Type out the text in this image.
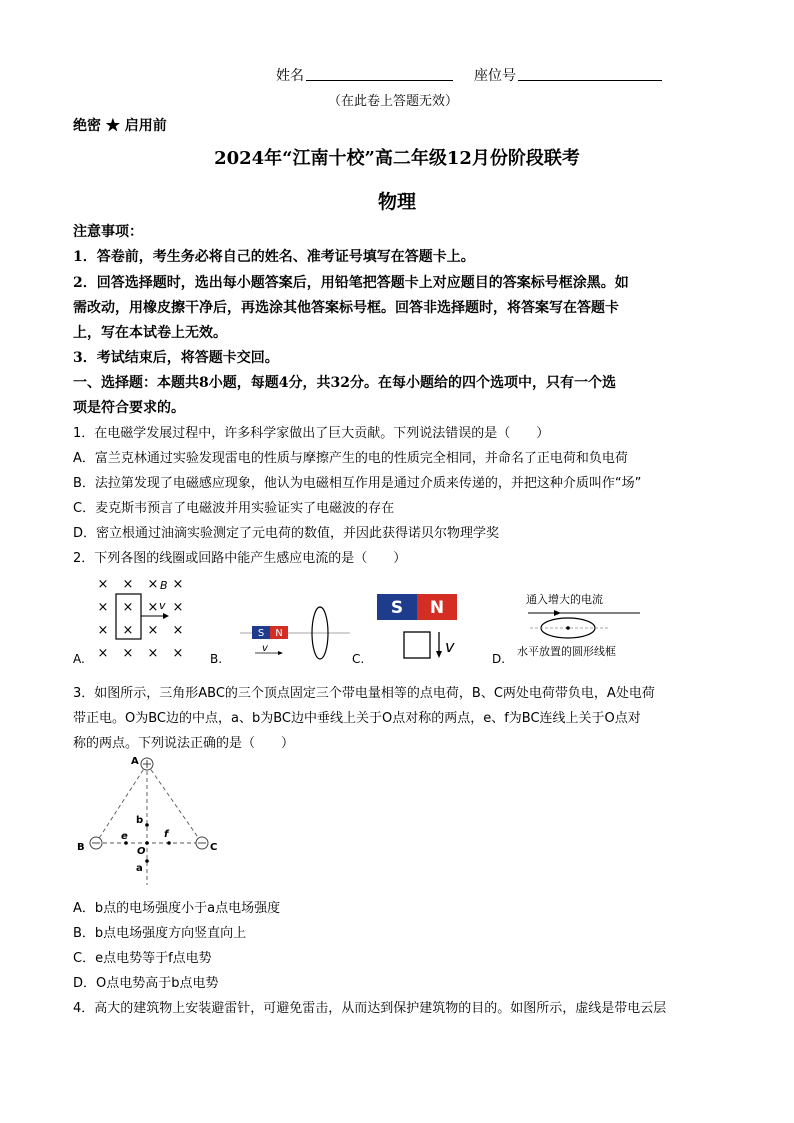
姓名	座位号
（在此卷上答题无效）
绝密 ★ 启用前
2024年“江南十校”高二年级12月份阶段联考
物理
注意事项：
1．答卷前，考生务必将自己的姓名、准考证号填写在答题卡上。
2．回答选择题时，选出每小题答案后，用铅笔把答题卡上对应题目的答案标号框涂黑。如
需改动，用橡皮擦干净后，再选涂其他答案标号框。回答非选择题时，将答案写在答题卡
上，写在本试卷上无效。
3．考试结束后，将答题卡交回。
一、选择题：本题共8小题，每题4分，共32分。在每小题给的四个选项中，只有一个选
项是符合要求的。
1．在电磁学发展过程中，许多科学家做出了巨大贡献。下列说法错误的是（　　）
A．富兰克林通过实验发现雷电的性质与摩擦产生的电的性质完全相同，并命名了正电荷和负电荷
B．法拉第发现了电磁感应现象，他认为电磁相互作用是通过介质来传递的，并把这种介质叫作“场”
C．麦克斯韦预言了电磁波并用实验证实了电磁波的存在
D．密立根通过油滴实验测定了元电荷的数值，并因此获得诺贝尔物理学奖
2．下列各图的线圈或回路中能产生感应电流的是（　　）
A.
× × × ×
× × × ×
× × × ×
× × × ×
B
v
B.
S N
v
C.
S N
v
D.
通入增大的电流
水平放置的圆形线框
3．如图所示，三角形ABC的三个顶点固定三个带电量相等的点电荷，B、C两处电荷带负电，A处电荷
带正电。O为BC边的中点，a、b为BC边中垂线上关于O点对称的两点，e、f为BC连线上关于O点对
称的两点。下列说法正确的是（　　）
A
B	C
O
a
b
e	f
A．b点的电场强度小于a点电场强度
B．b点电场强度方向竖直向上
C．e点电势等于f点电势
D．O点电势高于b点电势
4．高大的建筑物上安装避雷针，可避免雷击，从而达到保护建筑物的目的。如图所示，虚线是带电云层
